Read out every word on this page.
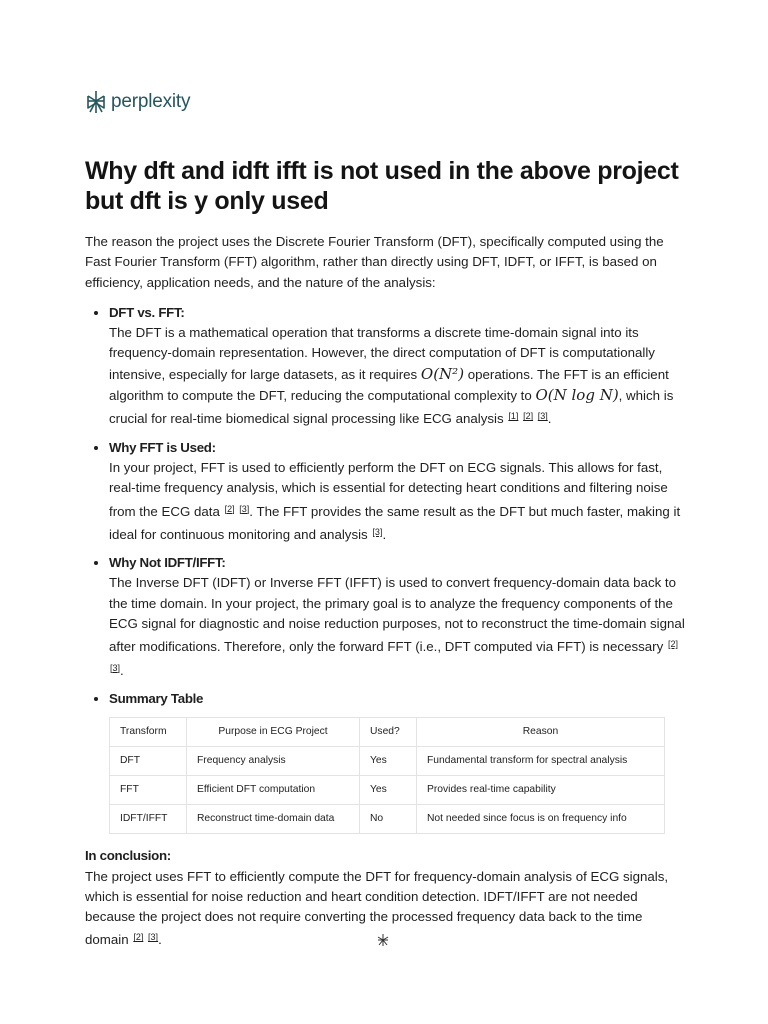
perplexity
Why dft and idft ifft is not used in the above project but dft is y only used

The reason the project uses the Discrete Fourier Transform (DFT), specifically computed using the Fast Fourier Transform (FFT) algorithm, rather than directly using DFT, IDFT, or IFFT, is based on efficiency, application needs, and the nature of the analysis:

• DFT vs. FFT:
The DFT is a mathematical operation that transforms a discrete time-domain signal into its frequency-domain representation. However, the direct computation of DFT is computationally intensive, especially for large datasets, as it requires O(N²) operations. The FFT is an efficient algorithm to compute the DFT, reducing the computational complexity to O(N log N), which is crucial for real-time biomedical signal processing like ECG analysis [1] [2] [3].
• Why FFT is Used:
In your project, FFT is used to efficiently perform the DFT on ECG signals. This allows for fast, real-time frequency analysis, which is essential for detecting heart conditions and filtering noise from the ECG data [2] [3]. The FFT provides the same result as the DFT but much faster, making it ideal for continuous monitoring and analysis [3].
• Why Not IDFT/IFFT:
The Inverse DFT (IDFT) or Inverse FFT (IFFT) is used to convert frequency-domain data back to the time domain. In your project, the primary goal is to analyze the frequency components of the ECG signal for diagnostic and noise reduction purposes, not to reconstruct the time-domain signal after modifications. Therefore, only the forward FFT (i.e., DFT computed via FFT) is necessary [2] [3].
• Summary Table
Transform	Purpose in ECG Project	Used?	Reason
DFT	Frequency analysis	Yes	Fundamental transform for spectral analysis
FFT	Efficient DFT computation	Yes	Provides real-time capability
IDFT/IFFT	Reconstruct time-domain data	No	Not needed since focus is on frequency info

In conclusion:

The project uses FFT to efficiently compute the DFT for frequency-domain analysis of ECG signals, which is essential for noise reduction and heart condition detection. IDFT/IFFT are not needed because the project does not require converting the processed frequency data back to the time domain [2] [3].
